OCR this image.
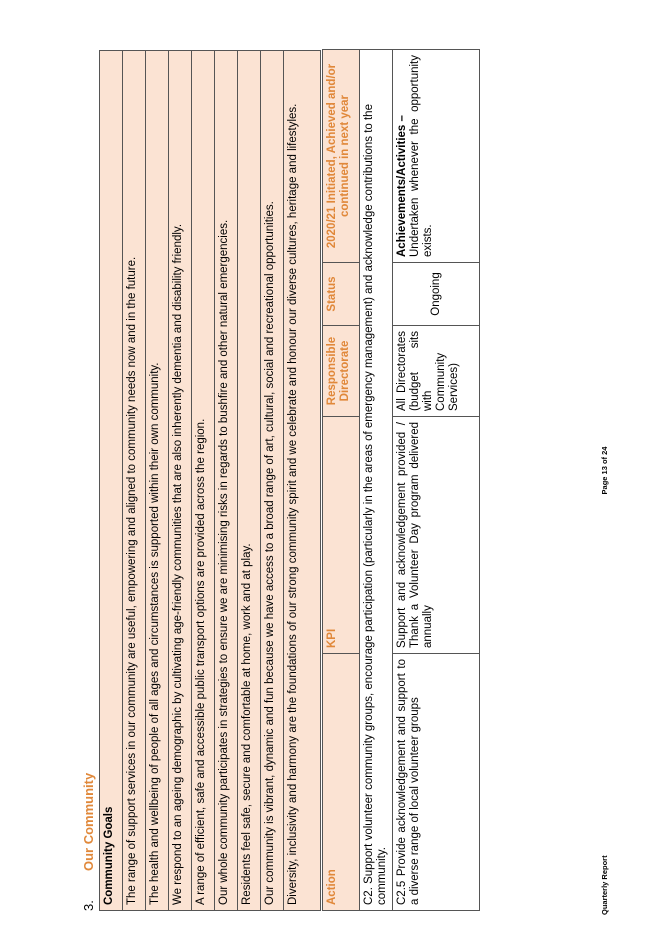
3.Our Community Community Goals
The range of support services in our community are useful, empowering and aligned to community needs now and in the future.
The health and wellbeing of people of all ages and circumstances is supported within their own community.
We respond to an ageing demographic by cultivating age-friendly communities that are also inherently dementia and disability friendly.
A range of efficient, safe and accessible public transport options are provided across the region.
Our whole community participates in strategies to ensure we are minimising risks in regards to bushfire and other natural emergencies.
Residents feel safe, secure and comfortable at home, work and at play.
Our community is vibrant, dynamic and fun because we have access to a broad range of art, cultural, social and recreational opportunities.
Diversity, inclusivity and harmony are the foundations of our strong community spirit and we celebrate and honour our diverse cultures, heritage and lifestyles. Action	KPI	Responsible Directorate	Status	2020/21 Initiated, Achieved and/or continued in next year
C2. Support volunteer community groups, encourage participation (particularly in the areas of emergency management) and acknowledge contributions to the community.				
C2.5 Provide acknowledgement and support to a diverse range of local volunteer groups	Support and acknowledgement provided / Thank a Volunteer Day program delivered annually	All Directorates (budget sits with Community Services)	Ongoing	Achievements/Activities – Undertaken whenever the opportunity exists.
Quarterly Report
Page 13 of 24
